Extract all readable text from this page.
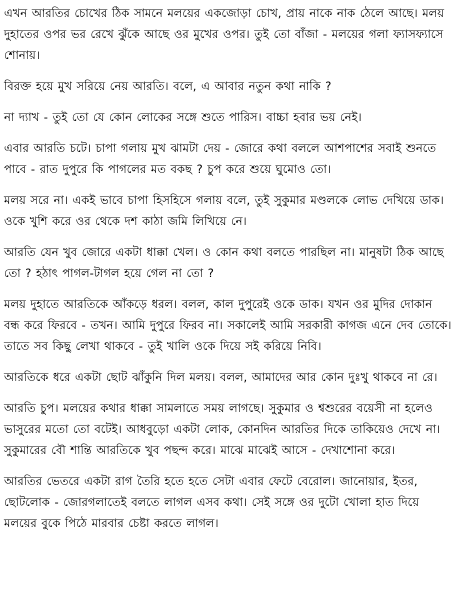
এখন আরতির চোখের ঠিক সামনে মলয়ের একজোড়া চোখ, প্রায় নাকে নাক ঠেলে আছে। মলয় দুহাতের ওপর ভর রেখে ঝুঁকে আছে ওর মুখের ওপর। তুই তো বাঁজা - মলয়ের গলা ফ্যাসফ্যাসে শোনায়।

বিরক্ত হয়ে মুখ সরিয়ে নেয় আরতি। বলে, এ আবার নতুন কথা নাকি ?

না দ্যাখ - তুই তো যে কোন লোকের সঙ্গে শুতে পারিস। বাচ্চা হবার ভয় নেই।

এবার আরতি চটে। চাপা গলায় মুখ ঝামটা দেয় - জোরে কথা বললে আশপাশের সবাই শুনতে পাবে - রাত দুপুরে কি পাগলের মত বকছ ? চুপ করে শুয়ে ঘুমোও তো।

মলয় সরে না। একই ভাবে চাপা হিসহিসে গলায় বলে, তুই সুকুমার মণ্ডলকে লোভ দেখিয়ে ডাক। ওকে খুশি করে ওর থেকে দশ কাঠা জমি লিখিয়ে নে।

আরতি যেন খুব জোরে একটা ধাক্কা খেল। ও কোন কথা বলতে পারছিল না। মানুষটা ঠিক আছে তো ? হঠাৎ পাগল-টাগল হয়ে গেল না তো ?

মলয় দুহাতে আরতিকে আঁকড়ে ধরল। বলল, কাল দুপুরেই ওকে ডাক। যখন ওর মুদির দোকান বন্ধ করে ফিরবে - তখন। আমি দুপুরে ফিরব না। সকালেই আমি সরকারী কাগজ এনে দেব তোকে। তাতে সব কিছু লেখা থাকবে - তুই খালি ওকে দিয়ে সই করিয়ে নিবি।

আরতিকে ধরে একটা ছোট ঝাঁকুনি দিল মলয়। বলল, আমাদের আর কোন দুঃখু থাকবে না রে।

আরতি চুপ। মলয়ের কথার ধাক্কা সামলাতে সময় লাগছে। সুকুমার ও শ্বশুরের বয়েসী না হলেও ভাসুরের মতো তো বটেই। আধবুড়ো একটা লোক, কোনদিন আরতির দিকে তাকিয়েও দেখে না। সুকুমারের বৌ শান্তি আরতিকে খুব পছন্দ করে। মাঝে মাঝেই আসে - দেখাশোনা করে।

আরতির ভেতরে একটা রাগ তৈরি হতে হতে সেটা এবার ফেটে বেরোল। জানোয়ার, ইতর, ছোটলোক - জোরগলাতেই বলতে লাগল এসব কথা। সেই সঙ্গে ওর দুটো খোলা হাত দিয়ে মলয়ের বুকে পিঠে মারবার চেষ্টা করতে লাগল।
